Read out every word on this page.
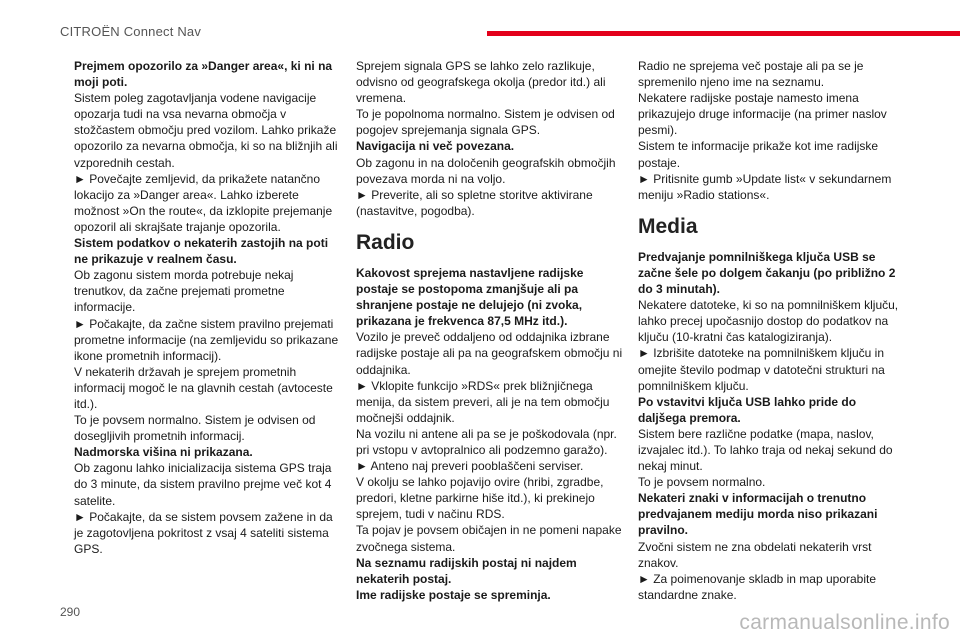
CITROËN Connect Nav

Prejmem opozorilo za »Danger area«, ki ni na moji poti.

Sistem poleg zagotavljanja vodene navigacije opozarja tudi na vsa nevarna območja v stožčastem območju pred vozilom. Lahko prikaže opozorilo za nevarna območja, ki so na bližnjih ali vzporednih cestah.

► Povečajte zemljevid, da prikažete natančno lokacijo za »Danger area«. Lahko izberete možnost »On the route«, da izklopite prejemanje opozoril ali skrajšate trajanje opozorila.

Sistem podatkov o nekaterih zastojih na poti ne prikazuje v realnem času.

Ob zagonu sistem morda potrebuje nekaj trenutkov, da začne prejemati prometne informacije.

► Počakajte, da začne sistem pravilno prejemati prometne informacije (na zemljevidu so prikazane ikone prometnih informacij).

V nekaterih državah je sprejem prometnih informacij mogoč le na glavnih cestah (avtoceste itd.).

To je povsem normalno. Sistem je odvisen od dosegljivih prometnih informacij.

Nadmorska višina ni prikazana.

Ob zagonu lahko inicializacija sistema GPS traja do 3 minute, da sistem pravilno prejme več kot 4 satelite.

► Počakajte, da se sistem povsem zažene in da je zagotovljena pokritost z vsaj 4 sateliti sistema GPS.

Sprejem signala GPS se lahko zelo razlikuje, odvisno od geografskega okolja (predor itd.) ali vremena.

To je popolnoma normalno. Sistem je odvisen od pogojev sprejemanja signala GPS.

Navigacija ni več povezana.

Ob zagonu in na določenih geografskih območjih povezava morda ni na voljo.

► Preverite, ali so spletne storitve aktivirane (nastavitve, pogodba).

Radio

Kakovost sprejema nastavljene radijske postaje se postopoma zmanjšuje ali pa shranjene postaje ne delujejo (ni zvoka, prikazana je frekvenca 87,5 MHz itd.).

Vozilo je preveč oddaljeno od oddajnika izbrane radijske postaje ali pa na geografskem območju ni oddajnika.

► Vklopite funkcijo »RDS« prek bližnjičnega menija, da sistem preveri, ali je na tem območju močnejši oddajnik.

Na vozilu ni antene ali pa se je poškodovala (npr. pri vstopu v avtopralnico ali podzemno garažo).

► Anteno naj preveri pooblaščeni serviser.

V okolju se lahko pojavijo ovire (hribi, zgradbe, predori, kletne parkirne hiše itd.), ki prekinejo sprejem, tudi v načinu RDS.

Ta pojav je povsem običajen in ne pomeni napake zvočnega sistema.

Na seznamu radijskih postaj ni najdem nekaterih postaj.

Ime radijske postaje se spreminja.

Radio ne sprejema več postaje ali pa se je spremenilo njeno ime na seznamu.

Nekatere radijske postaje namesto imena prikazujejo druge informacije (na primer naslov pesmi).

Sistem te informacije prikaže kot ime radijske postaje.

► Pritisnite gumb »Update list« v sekundarnem meniju »Radio stations«.

Media

Predvajanje pomnilniškega ključa USB se začne šele po dolgem čakanju (po približno 2 do 3 minutah).

Nekatere datoteke, ki so na pomnilniškem ključu, lahko precej upočasnijo dostop do podatkov na ključu (10-kratni čas katalogiziranja).

► Izbrišite datoteke na pomnilniškem ključu in omejite število podmap v datotečni strukturi na pomnilniškem ključu.

Po vstavitvi ključa USB lahko pride do daljšega premora.

Sistem bere različne podatke (mapa, naslov, izvajalec itd.). To lahko traja od nekaj sekund do nekaj minut.

To je povsem normalno.

Nekateri znaki v informacijah o trenutno predvajanem mediju morda niso prikazani pravilno.

Zvočni sistem ne zna obdelati nekaterih vrst znakov.

► Za poimenovanje skladb in map uporabite standardne znake.

290	carmanualsonline.info
